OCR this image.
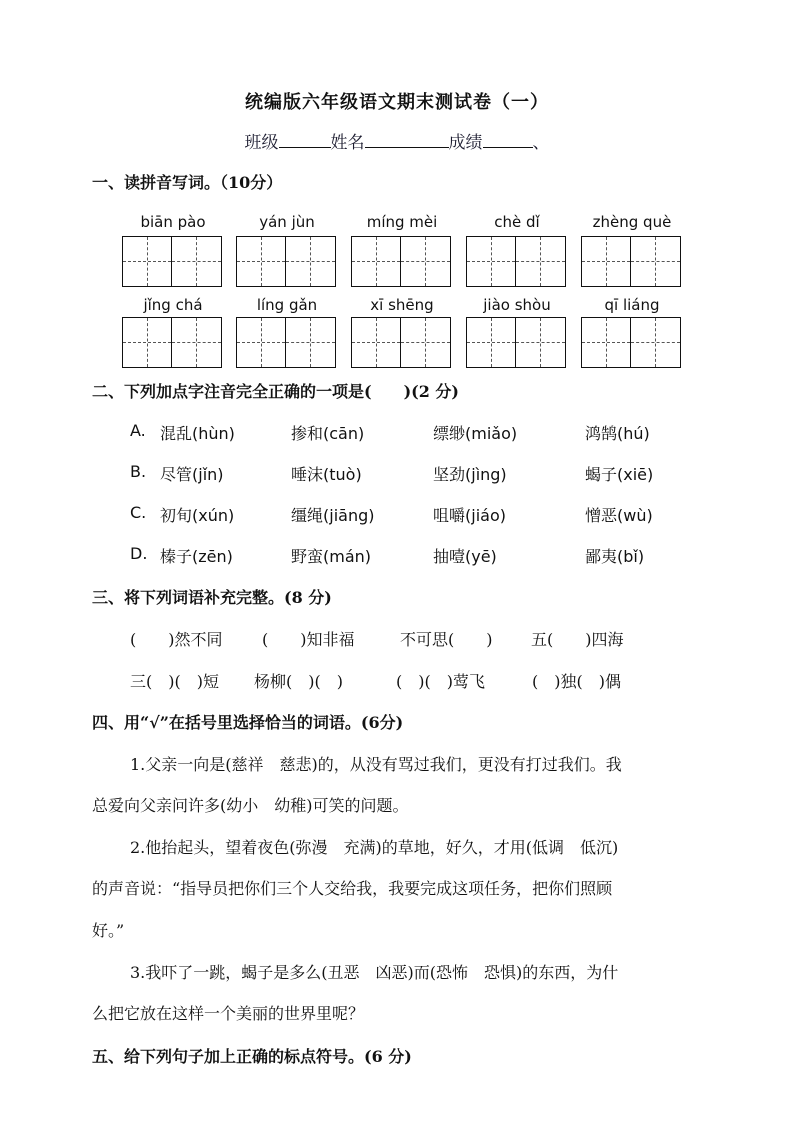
统编版六年级语文期末测试卷（一）
班级	姓名	成绩	、
一、读拼音写词。（10分）
biān pào	yán jùn	míng mèi	chè dǐ	zhèng què
jǐng chá	líng gǎn	xī shēng	jiào shòu	qī liáng
二、下列加点字注音完全正确的一项是(　　)(2 分)
A. 混乱(hùn)	掺和(cān)	缥缈(miǎo)	鸿鹄(hú)
B. 尽管(jǐn)	唾沫(tuò)	坚劲(jìng)	蝎子(xiē)
C. 初旬(xún)	缰绳(jiāng)	咀嚼(jiáo)	憎恶(wù)
D. 榛子(zēn)	野蛮(mán)	抽噎(yē)	鄙夷(bǐ)
三、将下列词语补充完整。(8 分)
(　　)然不同 (　　)知非福	不可思(　　) 五(　　)四海
三(　)(　)短 杨柳(　)(　)	(　)(　)莺飞	(　)独(　)偶
四、用“√”在括号里选择恰当的词语。(6分)
1.父亲一向是(慈祥　慈悲)的，从没有骂过我们，更没有打过我们。我
总爱向父亲问许多(幼小　幼稚)可笑的问题。
2.他抬起头，望着夜色(弥漫　充满)的草地，好久，才用(低调　低沉)
的声音说：“指导员把你们三个人交给我，我要完成这项任务，把你们照顾
好。”
3.我吓了一跳，蝎子是多么(丑恶　凶恶)而(恐怖　恐惧)的东西，为什
么把它放在这样一个美丽的世界里呢？
五、给下列句子加上正确的标点符号。(6 分)
